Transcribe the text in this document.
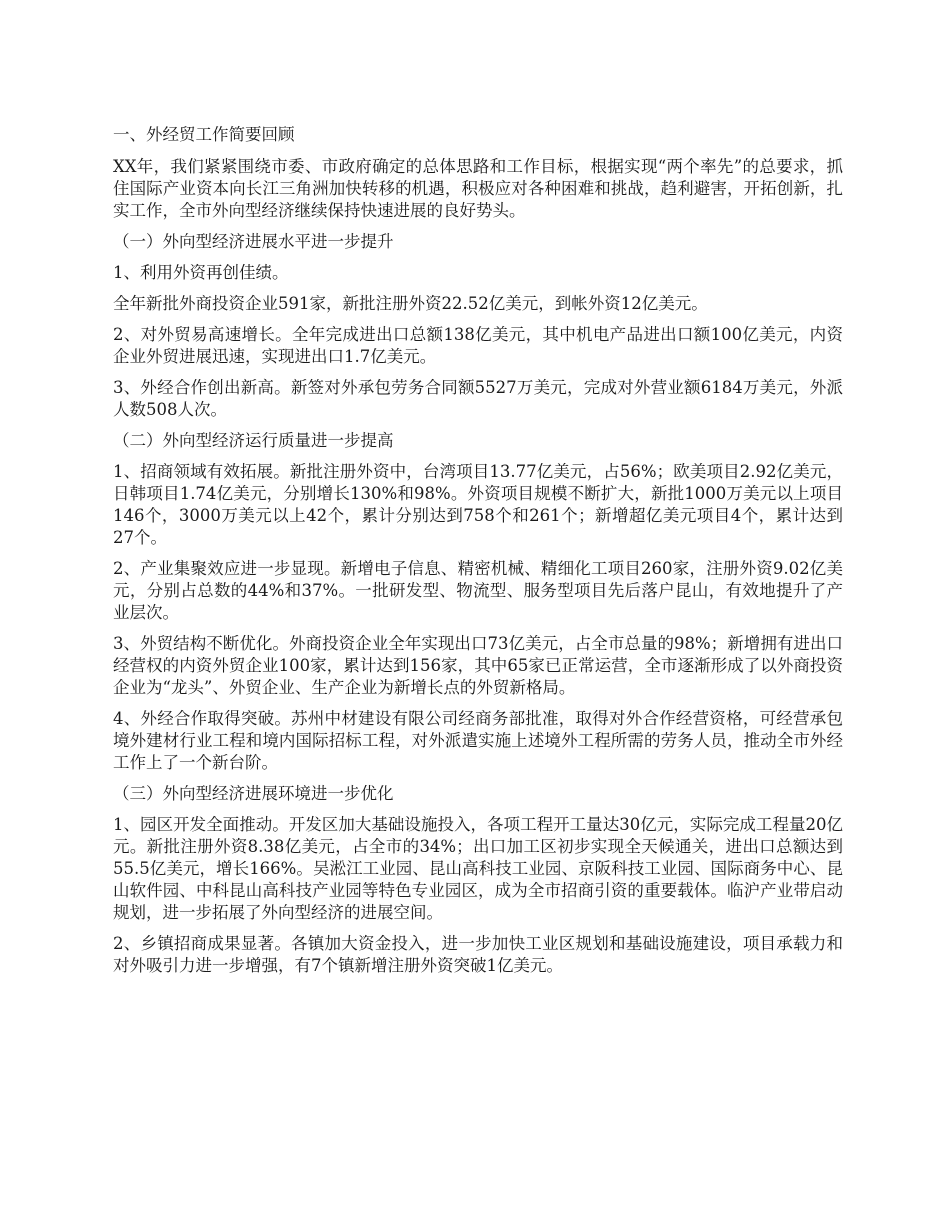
一、外经贸工作简要回顾

XX年，我们紧紧围绕市委、市政府确定的总体思路和工作目标，根据实现“两个率先”的总要求，抓住国际产业资本向长江三角洲加快转移的机遇，积极应对各种困难和挑战，趋利避害，开拓创新，扎实工作，全市外向型经济继续保持快速进展的良好势头。

（一）外向型经济进展水平进一步提升

1、利用外资再创佳绩。

全年新批外商投资企业591家，新批注册外资22.52亿美元，到帐外资12亿美元。

2、对外贸易高速增长。全年完成进出口总额138亿美元，其中机电产品进出口额100亿美元，内资企业外贸进展迅速，实现进出口1.7亿美元。

3、外经合作创出新高。新签对外承包劳务合同额5527万美元，完成对外营业额6184万美元，外派人数508人次。

（二）外向型经济运行质量进一步提高

1、招商领域有效拓展。新批注册外资中，台湾项目13.77亿美元，占56%；欧美项目2.92亿美元，日韩项目1.74亿美元，分别增长130%和98%。外资项目规模不断扩大，新批1000万美元以上项目146个，3000万美元以上42个，累计分别达到758个和261个；新增超亿美元项目4个，累计达到27个。

2、产业集聚效应进一步显现。新增电子信息、精密机械、精细化工项目260家，注册外资9.02亿美元，分别占总数的44%和37%。一批研发型、物流型、服务型项目先后落户昆山，有效地提升了产业层次。

3、外贸结构不断优化。外商投资企业全年实现出口73亿美元，占全市总量的98%；新增拥有进出口经营权的内资外贸企业100家，累计达到156家，其中65家已正常运营，全市逐渐形成了以外商投资企业为“龙头”、外贸企业、生产企业为新增长点的外贸新格局。

4、外经合作取得突破。苏州中材建设有限公司经商务部批准，取得对外合作经营资格，可经营承包境外建材行业工程和境内国际招标工程，对外派遣实施上述境外工程所需的劳务人员，推动全市外经工作上了一个新台阶。

（三）外向型经济进展环境进一步优化

1、园区开发全面推动。开发区加大基础设施投入，各项工程开工量达30亿元，实际完成工程量20亿元。新批注册外资8.38亿美元，占全市的34%；出口加工区初步实现全天候通关，进出口总额达到55.5亿美元，增长166%。吴淞江工业园、昆山高科技工业园、京阪科技工业园、国际商务中心、昆山软件园、中科昆山高科技产业园等特色专业园区，成为全市招商引资的重要载体。临沪产业带启动规划，进一步拓展了外向型经济的进展空间。

2、乡镇招商成果显著。各镇加大资金投入，进一步加快工业区规划和基础设施建设，项目承载力和对外吸引力进一步增强，有7个镇新增注册外资突破1亿美元。
